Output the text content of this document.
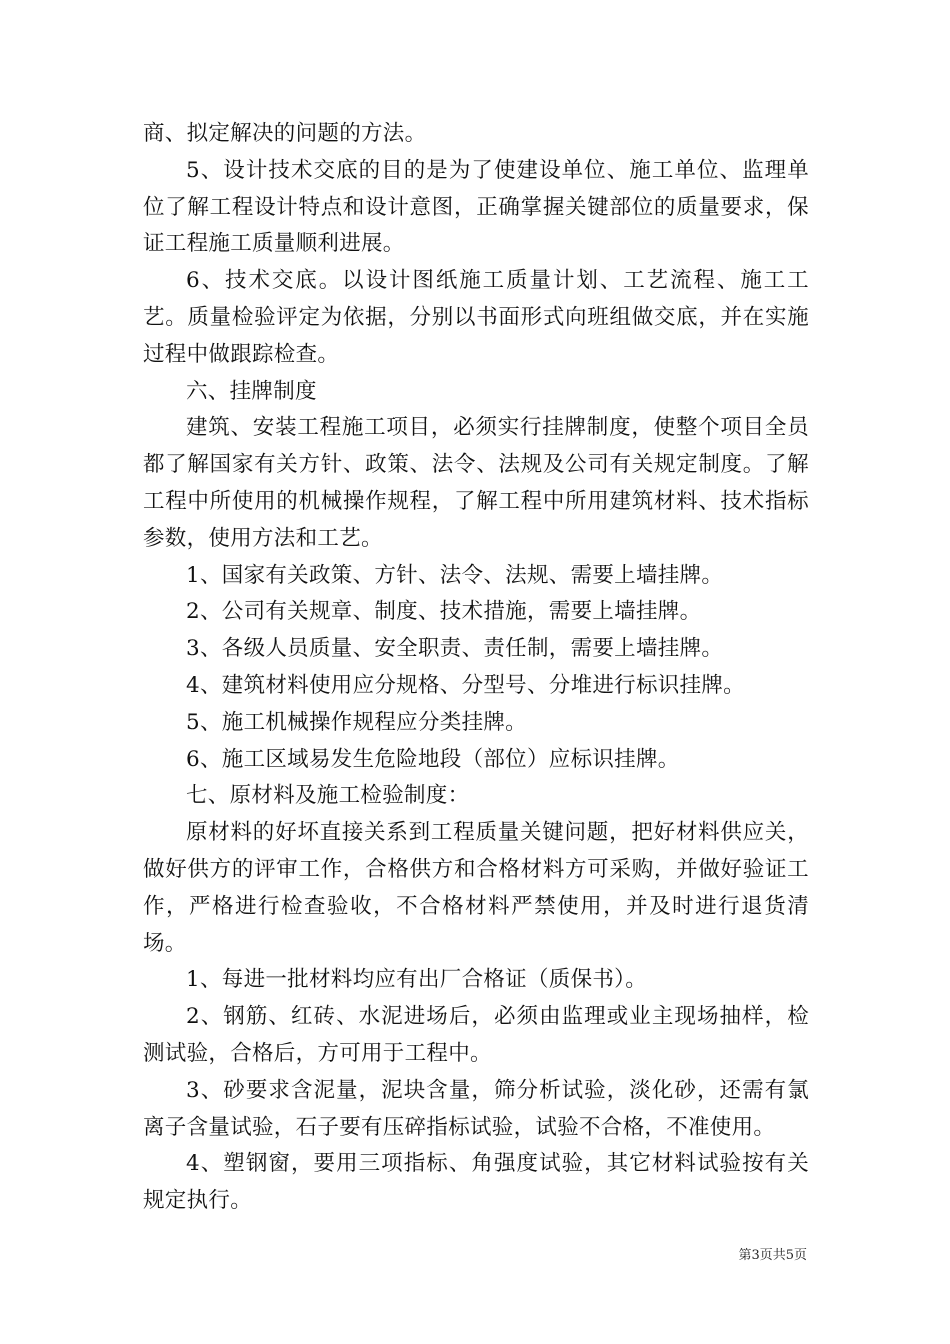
商、拟定解决的问题的方法。

5、设计技术交底的目的是为了使建设单位、施工单位、监理单位了解工程设计特点和设计意图，正确掌握关键部位的质量要求，保证工程施工质量顺利进展。

6、技术交底。以设计图纸施工质量计划、工艺流程、施工工艺。质量检验评定为依据，分别以书面形式向班组做交底，并在实施过程中做跟踪检查。

六、挂牌制度

建筑、安装工程施工项目，必须实行挂牌制度，使整个项目全员都了解国家有关方针、政策、法令、法规及公司有关规定制度。了解工程中所使用的机械操作规程，了解工程中所用建筑材料、技术指标参数，使用方法和工艺。

1、国家有关政策、方针、法令、法规、需要上墙挂牌。

2、公司有关规章、制度、技术措施，需要上墙挂牌。

3、各级人员质量、安全职责、责任制，需要上墙挂牌。

4、建筑材料使用应分规格、分型号、分堆进行标识挂牌。

5、施工机械操作规程应分类挂牌。

6、施工区域易发生危险地段（部位）应标识挂牌。

七、原材料及施工检验制度：

原材料的好坏直接关系到工程质量关键问题，把好材料供应关，做好供方的评审工作，合格供方和合格材料方可采购，并做好验证工作，严格进行检查验收，不合格材料严禁使用，并及时进行退货清场。

1、每进一批材料均应有出厂合格证（质保书）。

2、钢筋、红砖、水泥进场后，必须由监理或业主现场抽样，检测试验，合格后，方可用于工程中。

3、砂要求含泥量，泥块含量，筛分析试验，淡化砂，还需有氯离子含量试验，石子要有压碎指标试验，试验不合格，不准使用。

4、塑钢窗，要用三项指标、角强度试验，其它材料试验按有关规定执行。

第3页共5页
